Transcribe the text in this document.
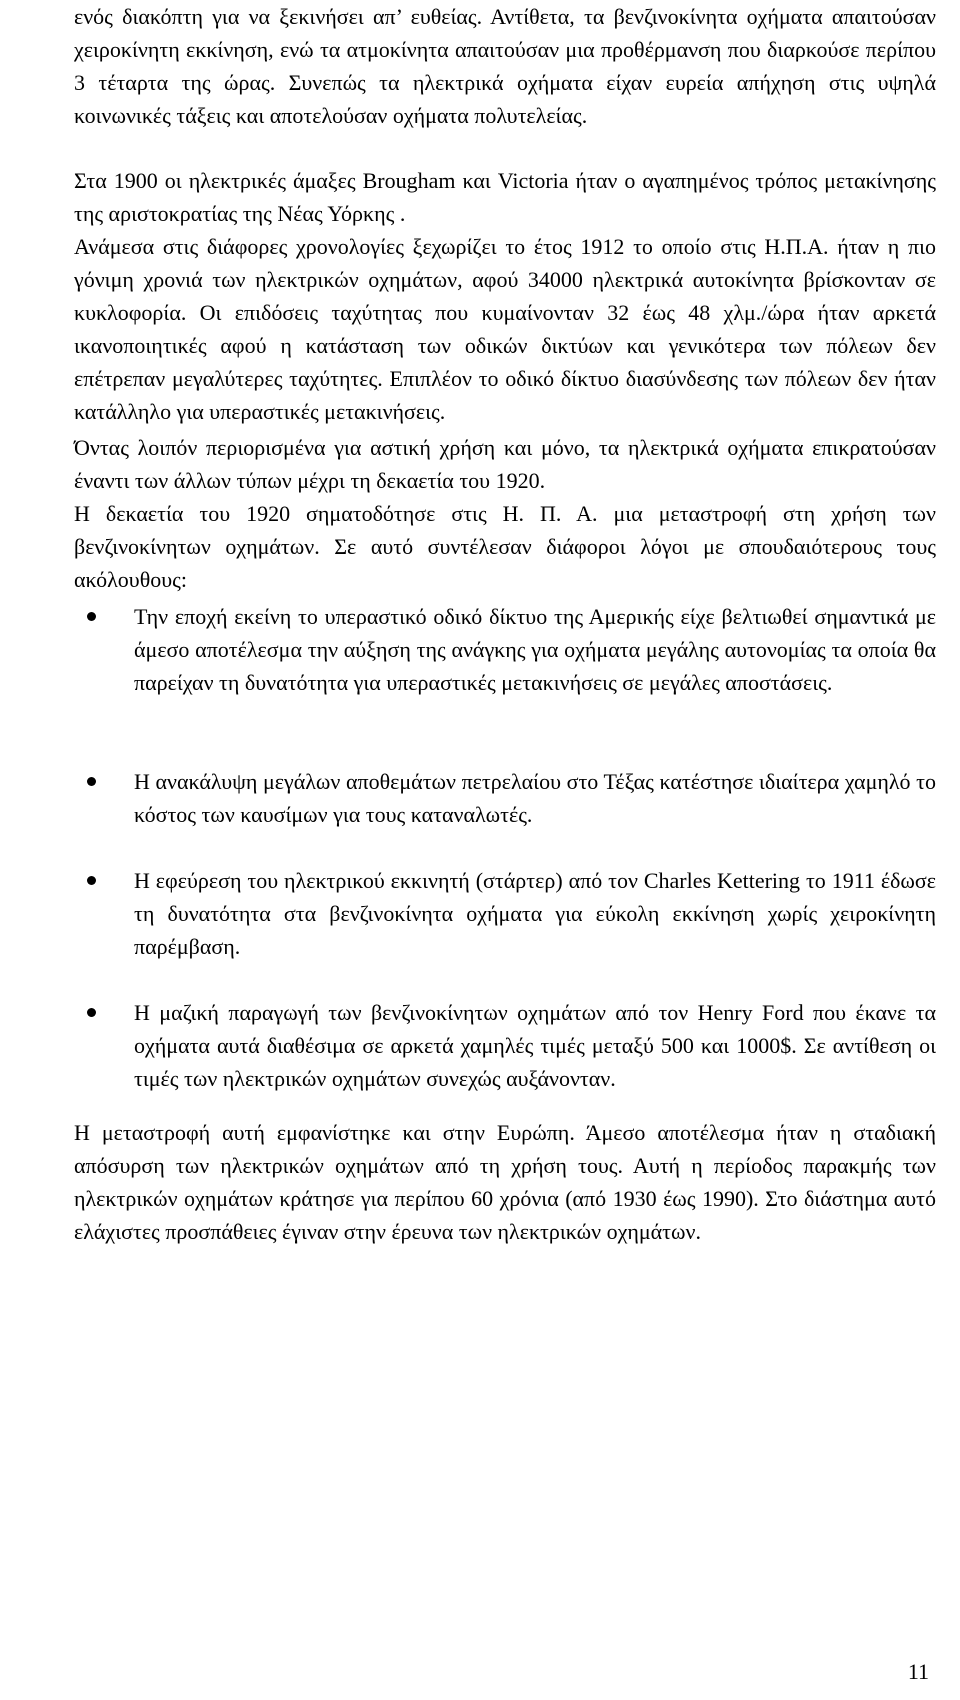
ενός διακόπτη για να ξεκινήσει απ’ ευθείας. Αντίθετα, τα βενζινοκίνητα οχήματα απαιτούσαν χειροκίνητη εκκίνηση, ενώ τα ατμοκίνητα απαιτούσαν μια προθέρμανση που διαρκούσε περίπου 3 τέταρτα της ώρας. Συνεπώς τα ηλεκτρικά οχήματα είχαν ευρεία απήχηση στις υψηλά κοινωνικές τάξεις και αποτελούσαν οχήματα πολυτελείας.

Στα 1900 οι ηλεκτρικές άμαξες Brougham και Victoria ήταν ο αγαπημένος τρόπος μετακίνησης της αριστοκρατίας της Νέας Υόρκης .

Ανάμεσα στις διάφορες χρονολογίες ξεχωρίζει το έτος 1912 το οποίο στις Η.Π.Α. ήταν η πιο γόνιμη χρονιά των ηλεκτρικών οχημάτων, αφού 34000 ηλεκτρικά αυτοκίνητα βρίσκονταν σε κυκλοφορία. Οι επιδόσεις ταχύτητας που κυμαίνονταν 32 έως 48 χλμ./ώρα ήταν αρκετά ικανοποιητικές αφού η κατάσταση των οδικών δικτύων και γενικότερα των πόλεων δεν επέτρεπαν μεγαλύτερες ταχύτητες. Επιπλέον το οδικό δίκτυο διασύνδεσης των πόλεων δεν ήταν κατάλληλο για υπεραστικές μετακινήσεις.

Όντας λοιπόν περιορισμένα για αστική χρήση και μόνο, τα ηλεκτρικά οχήματα επικρατούσαν έναντι των άλλων τύπων μέχρι τη δεκαετία του 1920.

Η δεκαετία του 1920 σηματοδότησε στις Η. Π. Α. μια μεταστροφή στη χρήση των βενζινοκίνητων οχημάτων. Σε αυτό συντέλεσαν διάφοροι λόγοι με σπουδαιότερους τους ακόλουθους:

Την εποχή εκείνη το υπεραστικό οδικό δίκτυο της Αμερικής είχε βελτιωθεί σημαντικά με άμεσο αποτέλεσμα την αύξηση της ανάγκης για οχήματα μεγάλης αυτονομίας τα οποία θα παρείχαν τη δυνατότητα για υπεραστικές μετακινήσεις σε μεγάλες αποστάσεις.
Η ανακάλυψη μεγάλων αποθεμάτων πετρελαίου στο Τέξας κατέστησε ιδιαίτερα χαμηλό το κόστος των καυσίμων για τους καταναλωτές.
Η εφεύρεση του ηλεκτρικού εκκινητή (στάρτερ) από τον Charles Kettering το 1911 έδωσε τη δυνατότητα στα βενζινοκίνητα οχήματα για εύκολη εκκίνηση χωρίς χειροκίνητη παρέμβαση.
Η μαζική παραγωγή των βενζινοκίνητων οχημάτων από τον Henry Ford που έκανε τα οχήματα αυτά διαθέσιμα σε αρκετά χαμηλές τιμές μεταξύ 500 και 1000$. Σε αντίθεση οι τιμές των ηλεκτρικών οχημάτων συνεχώς αυξάνονταν.

Η μεταστροφή αυτή εμφανίστηκε και στην Ευρώπη. Άμεσο αποτέλεσμα ήταν η σταδιακή απόσυρση των ηλεκτρικών οχημάτων από τη χρήση τους. Αυτή η περίοδος παρακμής των ηλεκτρικών οχημάτων κράτησε για περίπου 60 χρόνια (από 1930 έως 1990). Στο διάστημα αυτό ελάχιστες προσπάθειες έγιναν στην έρευνα των ηλεκτρικών οχημάτων.

11
